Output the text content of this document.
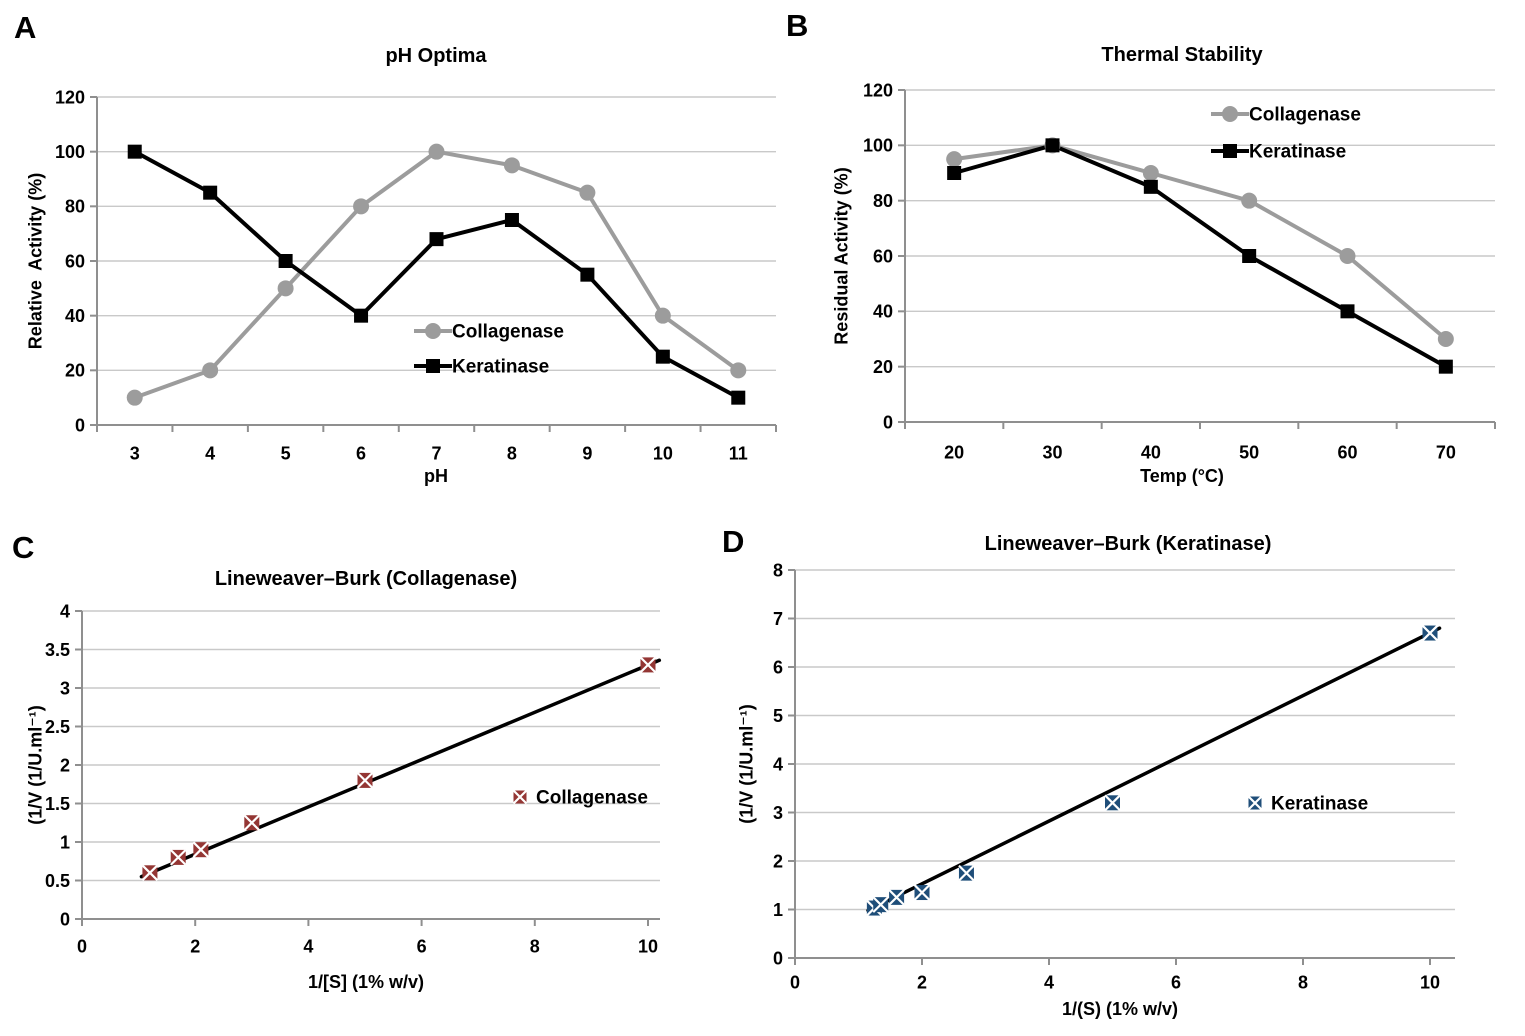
A	B
C	D
pH Optima	Thermal Stability
Lineweaver–Burk (Collagenase)
Lineweaver–Burk (Keratinase)
Relative  Activity (%)	Residual Activity (%)
(1/V (1/U.ml⁻¹)	(1/V (1/U.ml⁻¹)
pH	Temp (°C)
1/[S] (1% w/v)
1/(S) (1% w/v)
0
20
40
60
80
100
120
3	4	5	6	7	8	9	10	11
Collagenase
Keratinase
0
20
40
60
80
100
120
20	30	40	50	60	70
Collagenase
Keratinase
0
0.5
1
1.5
2
2.5
3
3.5
4
0	2	4	6	8	10
Collagenase
0
1
2
3
4
5
6
7
8
0	2	4	6	8	10
Keratinase
